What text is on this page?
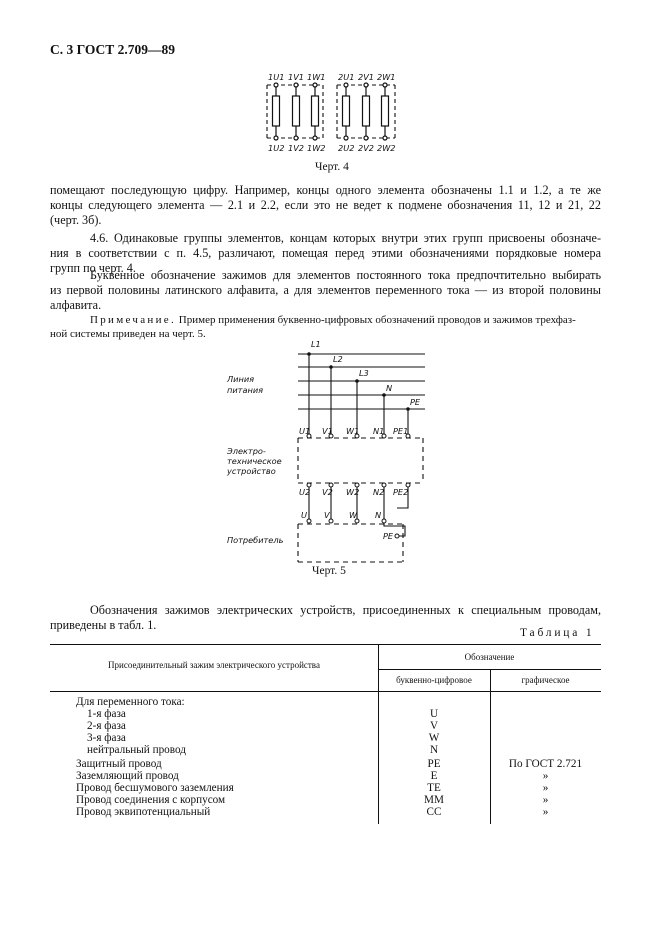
С. 3 ГОСТ 2.709—89
1U1 1V1 1W1 2U1 2V1 2W1
1U2 1V2 1W2 2U2 2V2 2W2
Черт. 4
помещают последующую цифру. Например, концы одного элемента обозначены 1.1 и 1.2, а те же
концы следующего элемента — 2.1 и 2.2, если это не ведет к подмене обозначения 11, 12 и 21, 22
(черт. 3б).
4.6. Одинаковые группы элементов, концам которых внутри этих групп присвоены обозначе-
ния в соответствии с п. 4.5, различают, помещая перед этими обозначениями порядковые номера
групп по черт. 4.
Буквенное обозначение зажимов для элементов постоянного тока предпочтительно выбирать
из первой половины латинского алфавита, а для элементов переменного тока — из второй половины
алфавита.
Примечание. Пример применения буквенно-цифровых обозначений проводов и зажимов трехфаз-
ной системы приведен на черт. 5.
L1
L2
L3
N
PE
U1 V1 W1 N1 PE1
U2 V2 W2 N2 PE2
U V W N
PE
Линия
питания
Электро-
техническое
устройство
Потребитель
Черт. 5
Обозначения зажимов электрических устройств, присоединенных к специальным проводам,
приведены в табл. 1.
Таблица 1
Присоединительный зажим электрического устройства
Обозначение
буквенно-цифровое	графическое
Для переменного тока:
1-я фаза
2-я фаза
3-я фаза
нейтральный провод
U
V
W
N
Защитный провод
Заземляющий провод
Провод бесшумового заземления
Провод соединения с корпусом
Провод эквипотенциальный
PE
E
TE
MM
CC
По ГОСТ 2.721
»
»
»
»
